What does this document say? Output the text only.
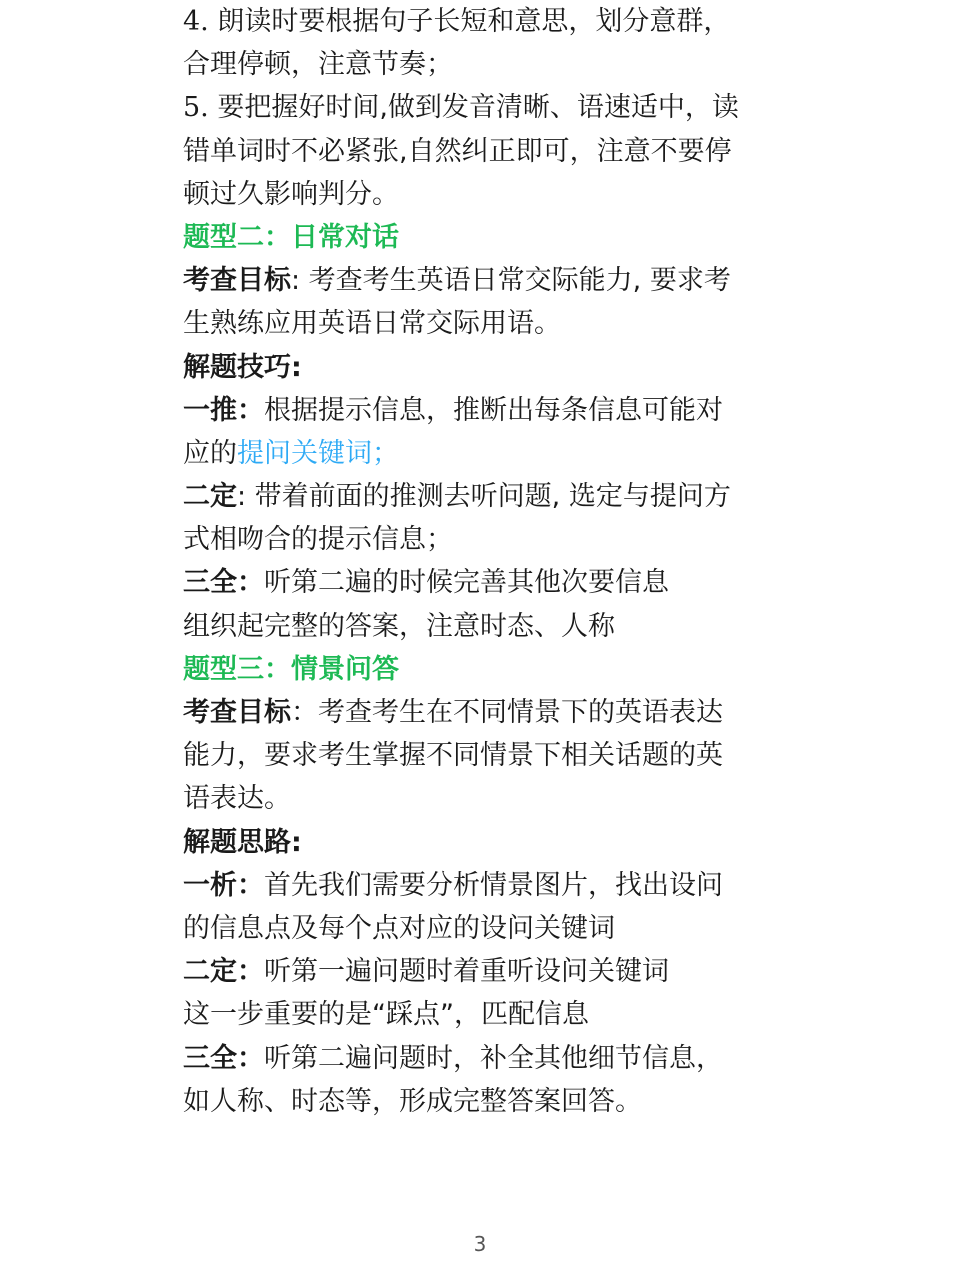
4. 朗读时要根据句子长短和意思，划分意群，
合理停顿，注意节奏；
5. 要把握好时间,做到发音清晰、语速适中，读
错单词时不必紧张,自然纠正即可，注意不要停
顿过久影响判分。
题型二：日常对话
考查目标: 考查考生英语日常交际能力, 要求考
生熟练应用英语日常交际用语。
解题技巧:
一推：根据提示信息，推断出每条信息可能对
应的提问关键词；
二定: 带着前面的推测去听问题, 选定与提问方
式相吻合的提示信息；
三全：听第二遍的时候完善其他次要信息
组织起完整的答案，注意时态、人称
题型三：情景问答
考查目标：考查考生在不同情景下的英语表达
能力，要求考生掌握不同情景下相关话题的英
语表达。
解题思路:
一析：首先我们需要分析情景图片，找出设问
的信息点及每个点对应的设问关键词
二定：听第一遍问题时着重听设问关键词
这一步重要的是“踩点”，匹配信息
三全：听第二遍问题时，补全其他细节信息，
如人称、时态等，形成完整答案回答。
3
